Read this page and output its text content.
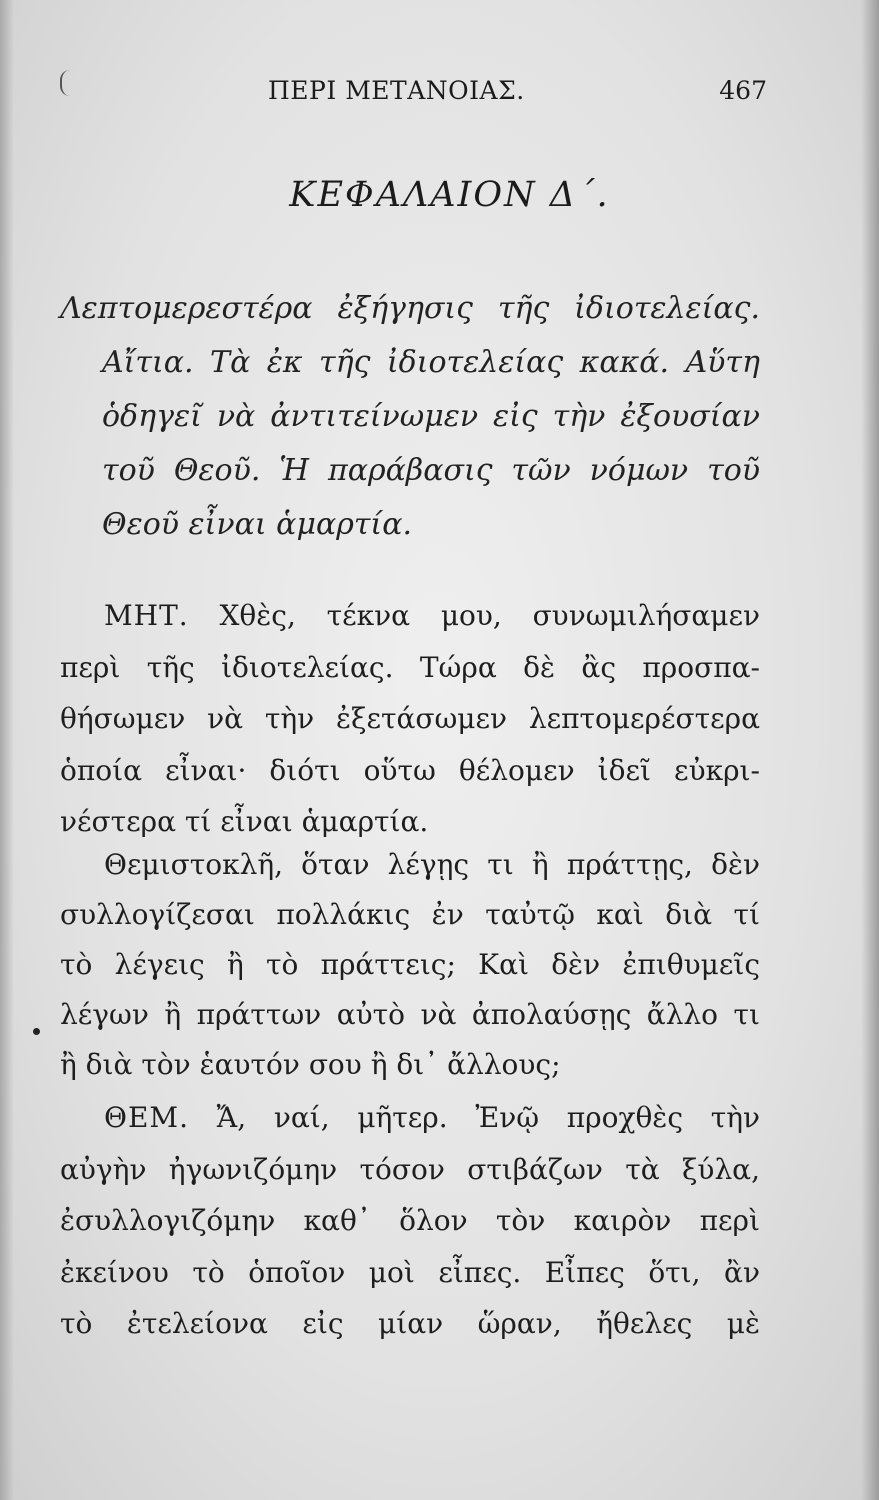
ΠΕΡΙ ΜΕΤΑΝΟΙΑΣ.	467
ΚΕΦΑΛΑΙΟΝ Δ΄.
Λεπτομερεστέρα ἐξήγησις τῆς ἰδιοτελείας.
Αἴτια. Τὰ ἐκ τῆς ἰδιοτελείας κακά. Αὕτη
ὁδηγεῖ νὰ ἀντιτείνωμεν εἰς τὴν ἐξουσίαν
τοῦ Θεοῦ. Ἡ παράβασις τῶν νόμων τοῦ
Θεοῦ εἶναι ἁμαρτία.
ΜΗΤ. Χθὲς, τέκνα μου, συνωμιλήσαμεν
περὶ τῆς ἰδιοτελείας. Τώρα δὲ ἂς προσπα-
θήσωμεν νὰ τὴν ἐξετάσωμεν λεπτομερέστερα
ὁποία εἶναι· διότι οὕτω θέλομεν ἰδεῖ εὐκρι-
νέστερα τί εἶναι ἁμαρτία.
Θεμιστοκλῆ, ὅταν λέγῃς τι ἢ πράττῃς, δὲν
συλλογίζεσαι πολλάκις ἐν ταὐτῷ καὶ διὰ τί
τὸ λέγεις ἢ τὸ πράττεις; Καὶ δὲν ἐπιθυμεῖς
λέγων ἢ πράττων αὐτὸ νὰ ἀπολαύσῃς ἄλλο τι
ἢ διὰ τὸν ἑαυτόν σου ἢ δι᾽ ἄλλους;
ΘΕΜ. Ἄ, ναί, μῆτερ. Ἐνῷ προχθὲς τὴν
αὐγὴν ἠγωνιζόμην τόσον στιβάζων τὰ ξύλα,
ἐσυλλογιζόμην καθ᾽ ὅλον τὸν καιρὸν περὶ
ἐκείνου τὸ ὁποῖον μοὶ εἶπες. Εἶπες ὅτι, ἂν
τὸ ἐτελείονα εἰς μίαν ὥραν, ἤθελες μὲ
